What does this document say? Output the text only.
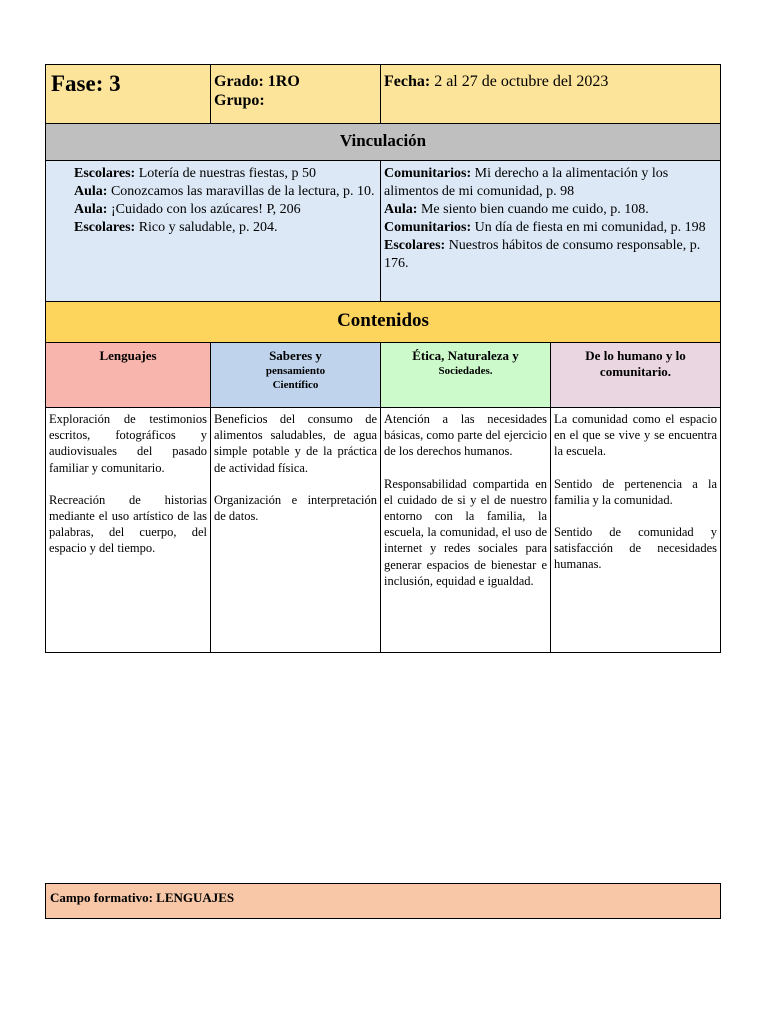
Fase: 3	Grado: 1RO
Grupo:
Fecha: 2 al 27 de octubre del 2023
Vinculación

Escolares: Lotería de nuestras fiestas, p 50

Aula: Conozcamos las maravillas de la lectura, p. 10.

Aula: ¡Cuidado con los azúcares! P, 206

Escolares: Rico y saludable, p. 204.

Comunitarios: Mi derecho a la alimentación y los alimentos de mi comunidad, p. 98

Aula: Me siento bien cuando me cuido, p. 108.

Comunitarios: Un día de fiesta en mi comunidad, p. 198

Escolares: Nuestros hábitos de consumo responsable, p. 176.

Contenidos
Lenguajes	Saberes y
pensamiento
Científico
Ética, Naturaleza y
Sociedades.
De lo humano y lo comunitario.

Exploración de testimonios escritos, fotográficos y audiovisuales del pasado familiar y comunitario.

Recreación de historias mediante el uso artístico de las palabras, del cuerpo, del espacio y del tiempo.

Beneficios del consumo de alimentos saludables, de agua simple potable y de la práctica de actividad física.

Organización e interpretación de datos.

Atención a las necesidades básicas, como parte del ejercicio de los derechos humanos.

Responsabilidad compartida en el cuidado de si y el de nuestro entorno con la familia, la escuela, la comunidad, el uso de internet y redes sociales para generar espacios de bienestar e inclusión, equidad e igualdad.

La comunidad como el espacio en el que se vive y se encuentra la escuela.

Sentido de pertenencia a la familia y la comunidad.

Sentido de comunidad y satisfacción de necesidades humanas.

Campo formativo: LENGUAJES
